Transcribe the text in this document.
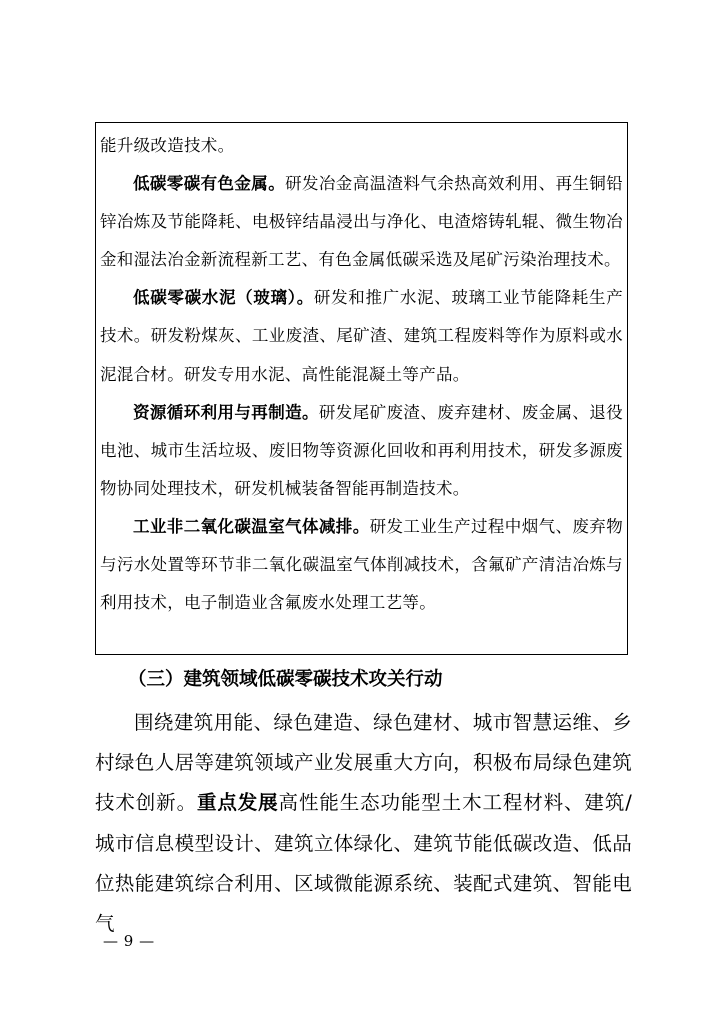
能升级改造技术。

低碳零碳有色金属。研发冶金高温渣料气余热高效利用、再生铜铅锌冶炼及节能降耗、电极锌结晶浸出与净化、电渣熔铸轧辊、微生物冶金和湿法冶金新流程新工艺、有色金属低碳采选及尾矿污染治理技术。

低碳零碳水泥（玻璃）。研发和推广水泥、玻璃工业节能降耗生产技术。研发粉煤灰、工业废渣、尾矿渣、建筑工程废料等作为原料或水泥混合材。研发专用水泥、高性能混凝土等产品。

资源循环利用与再制造。研发尾矿废渣、废弃建材、废金属、退役电池、城市生活垃圾、废旧物等资源化回收和再利用技术，研发多源废物协同处理技术，研发机械装备智能再制造技术。

工业非二氧化碳温室气体减排。研发工业生产过程中烟气、废弃物与污水处置等环节非二氧化碳温室气体削减技术，含氟矿产清洁冶炼与利用技术，电子制造业含氟废水处理工艺等。

（三）建筑领域低碳零碳技术攻关行动

围绕建筑用能、绿色建造、绿色建材、城市智慧运维、乡村绿色人居等建筑领域产业发展重大方向，积极布局绿色建筑技术创新。重点发展高性能生态功能型土木工程材料、建筑/城市信息模型设计、建筑立体绿化、建筑节能低碳改造、低品位热能建筑综合利用、区域微能源系统、装配式建筑、智能电气

— 9 —
